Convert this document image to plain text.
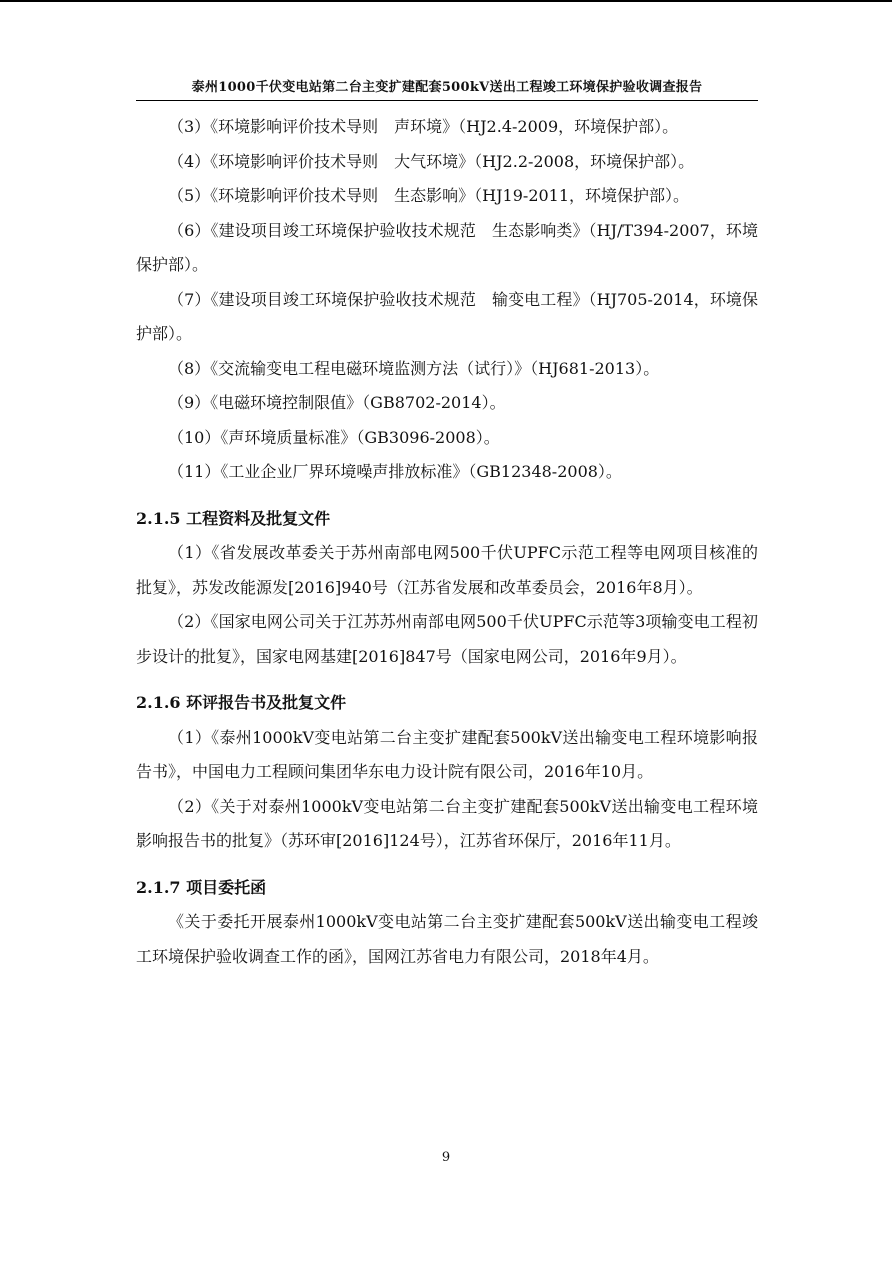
泰州1000千伏变电站第二台主变扩建配套500kV送出工程竣工环境保护验收调查报告

（3）《环境影响评价技术导则　声环境》（HJ2.4-2009，环境保护部）。

（4）《环境影响评价技术导则　大气环境》（HJ2.2-2008，环境保护部）。

（5）《环境影响评价技术导则　生态影响》（HJ19-2011，环境保护部）。

（6）《建设项目竣工环境保护验收技术规范　生态影响类》（HJ/T394-2007，环境保护部）。

（7）《建设项目竣工环境保护验收技术规范　输变电工程》（HJ705-2014，环境保护部）。

（8）《交流输变电工程电磁环境监测方法（试行）》（HJ681-2013）。

（9）《电磁环境控制限值》（GB8702-2014）。

（10）《声环境质量标准》（GB3096-2008）。

（11）《工业企业厂界环境噪声排放标准》（GB12348-2008）。

2.1.5 工程资料及批复文件

（1）《省发展改革委关于苏州南部电网500千伏UPFC示范工程等电网项目核准的批复》，苏发改能源发[2016]940号（江苏省发展和改革委员会，2016年8月）。

（2）《国家电网公司关于江苏苏州南部电网500千伏UPFC示范等3项输变电工程初步设计的批复》，国家电网基建[2016]847号（国家电网公司，2016年9月）。

2.1.6 环评报告书及批复文件

（1）《泰州1000kV变电站第二台主变扩建配套500kV送出输变电工程环境影响报告书》，中国电力工程顾问集团华东电力设计院有限公司，2016年10月。

（2）《关于对泰州1000kV变电站第二台主变扩建配套500kV送出输变电工程环境影响报告书的批复》（苏环审[2016]124号），江苏省环保厅，2016年11月。

2.1.7 项目委托函

《关于委托开展泰州1000kV变电站第二台主变扩建配套500kV送出输变电工程竣工环境保护验收调查工作的函》，国网江苏省电力有限公司，2018年4月。

9
